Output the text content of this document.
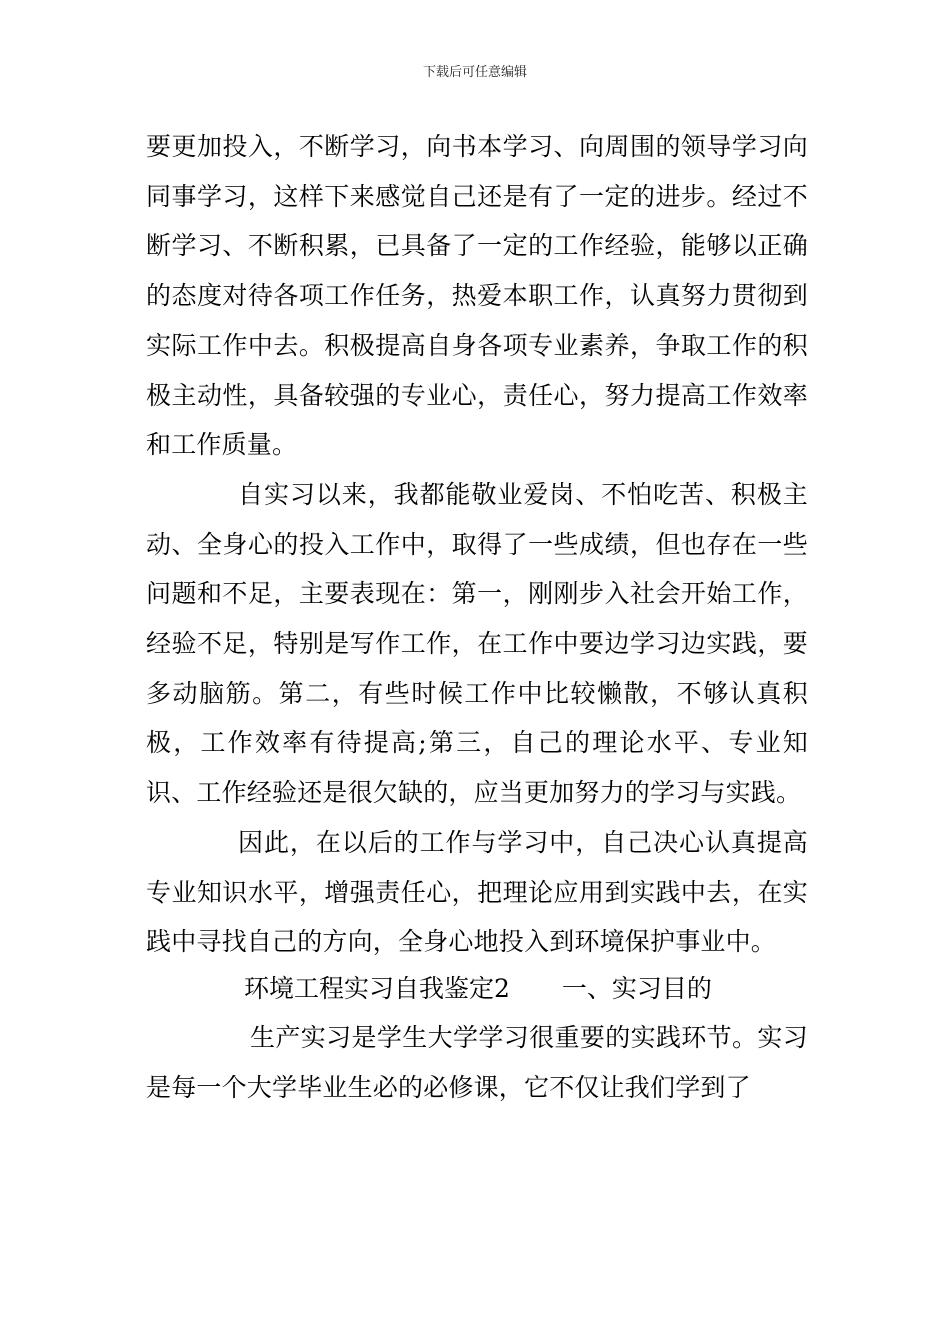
下载后可任意编辑

要更加投入，不断学习，向书本学习、向周围的领导学习向同事学习，这样下来感觉自己还是有了一定的进步。经过不断学习、不断积累，已具备了一定的工作经验，能够以正确的态度对待各项工作任务，热爱本职工作，认真努力贯彻到实际工作中去。积极提高自身各项专业素养，争取工作的积极主动性，具备较强的专业心，责任心，努力提高工作效率和工作质量。

自实习以来，我都能敬业爱岗、不怕吃苦、积极主动、全身心的投入工作中，取得了一些成绩，但也存在一些问题和不足，主要表现在：第一，刚刚步入社会开始工作，经验不足，特别是写作工作，在工作中要边学习边实践，要多动脑筋。第二，有些时候工作中比较懒散，不够认真积极，工作效率有待提高;第三，自己的理论水平、专业知识、工作经验还是很欠缺的，应当更加努力的学习与实践。

因此，在以后的工作与学习中，自己决心认真提高专业知识水平，增强责任心，把理论应用到实践中去，在实践中寻找自己的方向，全身心地投入到环境保护事业中。

环境工程实习自我鉴定2 一、实习目的

生产实习是学生大学学习很重要的实践环节。实习是每一个大学毕业生必的必修课，它不仅让我们学到了
